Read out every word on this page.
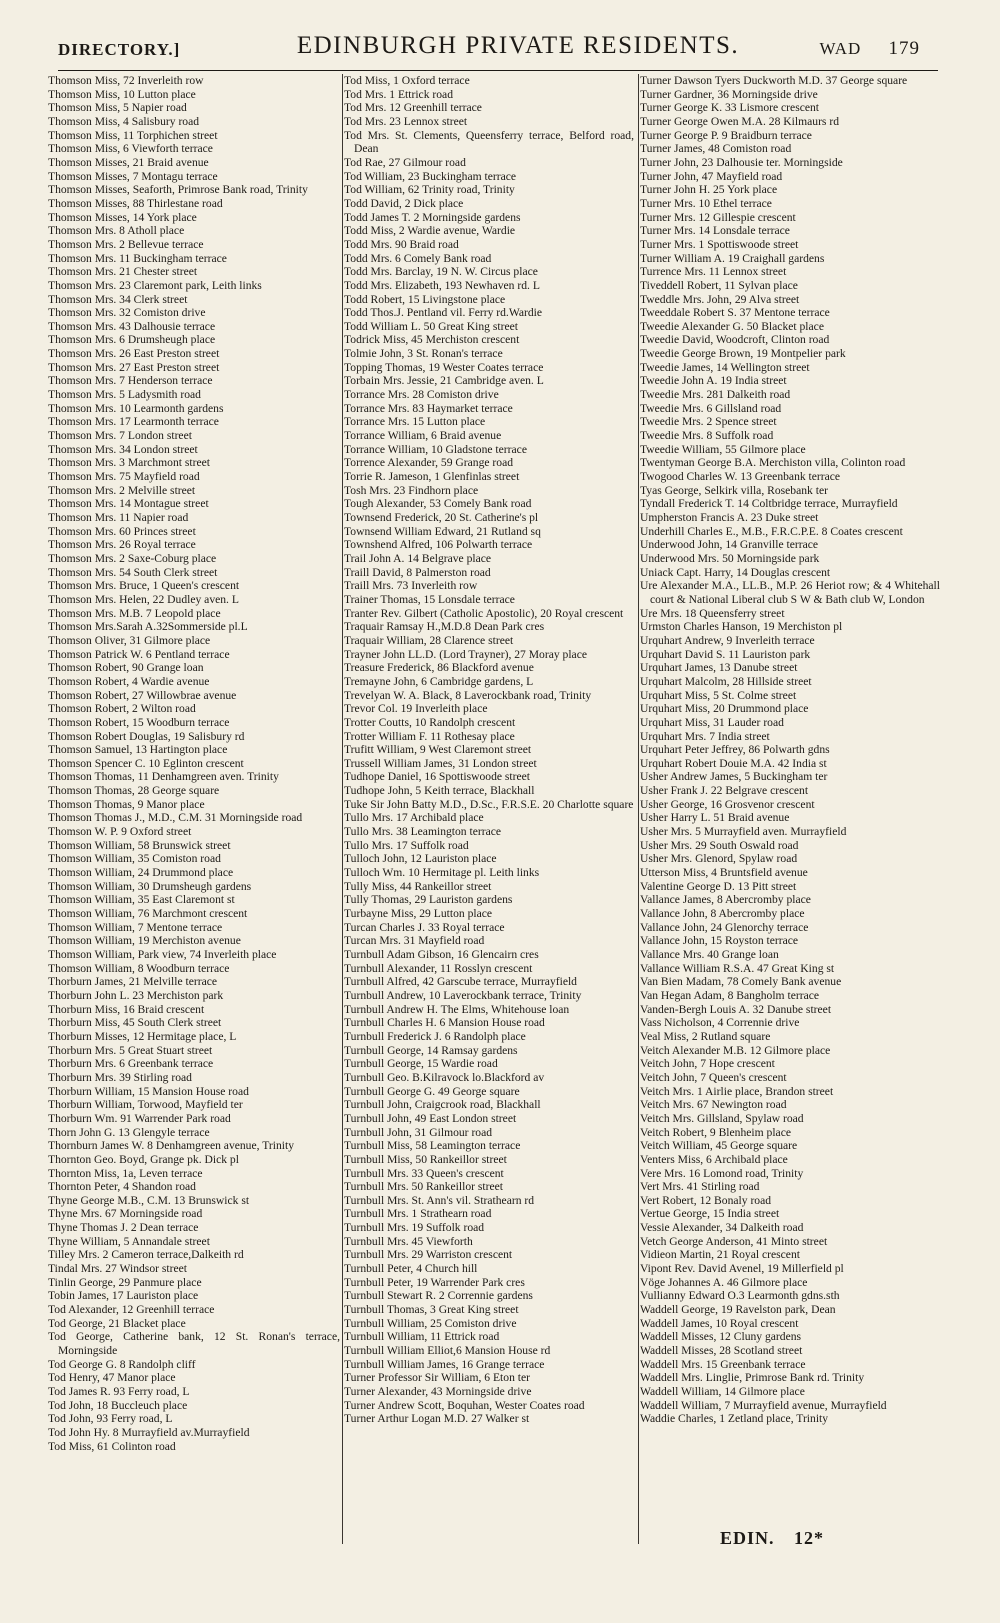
DIRECTORY.]	EDINBURGH PRIVATE RESIDENTS.	WAD 179

Thomson Miss, 72 Inverleith row

Thomson Miss, 10 Lutton place

Thomson Miss, 5 Napier road

Thomson Miss, 4 Salisbury road

Thomson Miss, 11 Torphichen street

Thomson Miss, 6 Viewforth terrace

Thomson Misses, 21 Braid avenue

Thomson Misses, 7 Montagu terrace

Thomson Misses, Seaforth, Primrose Bank road, Trinity

Thomson Misses, 88 Thirlestane road

Thomson Misses, 14 York place

Thomson Mrs. 8 Atholl place

Thomson Mrs. 2 Bellevue terrace

Thomson Mrs. 11 Buckingham terrace

Thomson Mrs. 21 Chester street

Thomson Mrs. 23 Claremont park, Leith links

Thomson Mrs. 34 Clerk street

Thomson Mrs. 32 Comiston drive

Thomson Mrs. 43 Dalhousie terrace

Thomson Mrs. 6 Drumsheugh place

Thomson Mrs. 26 East Preston street

Thomson Mrs. 27 East Preston street

Thomson Mrs. 7 Henderson terrace

Thomson Mrs. 5 Ladysmith road

Thomson Mrs. 10 Learmonth gardens

Thomson Mrs. 17 Learmonth terrace

Thomson Mrs. 7 London street

Thomson Mrs. 34 London street

Thomson Mrs. 3 Marchmont street

Thomson Mrs. 75 Mayfield road

Thomson Mrs. 2 Melville street

Thomson Mrs. 14 Montague street

Thomson Mrs. 11 Napier road

Thomson Mrs. 60 Princes street

Thomson Mrs. 26 Royal terrace

Thomson Mrs. 2 Saxe-Coburg place

Thomson Mrs. 54 South Clerk street

Thomson Mrs. Bruce, 1 Queen's crescent

Thomson Mrs. Helen, 22 Dudley aven. L

Thomson Mrs. M.B. 7 Leopold place

Thomson Mrs.Sarah A.32Sommerside pl.L

Thomson Oliver, 31 Gilmore place

Thomson Patrick W. 6 Pentland terrace

Thomson Robert, 90 Grange loan

Thomson Robert, 4 Wardie avenue

Thomson Robert, 27 Willowbrae avenue

Thomson Robert, 2 Wilton road

Thomson Robert, 15 Woodburn terrace

Thomson Robert Douglas, 19 Salisbury rd

Thomson Samuel, 13 Hartington place

Thomson Spencer C. 10 Eglinton crescent

Thomson Thomas, 11 Denhamgreen aven. Trinity

Thomson Thomas, 28 George square

Thomson Thomas, 9 Manor place

Thomson Thomas J., M.D., C.M. 31 Morningside road

Thomson W. P. 9 Oxford street

Thomson William, 58 Brunswick street

Thomson William, 35 Comiston road

Thomson William, 24 Drummond place

Thomson William, 30 Drumsheugh gardens

Thomson William, 35 East Claremont st

Thomson William, 76 Marchmont crescent

Thomson William, 7 Mentone terrace

Thomson William, 19 Merchiston avenue

Thomson William, Park view, 74 Inverleith place

Thomson William, 8 Woodburn terrace

Thorburn James, 21 Melville terrace

Thorburn John L. 23 Merchiston park

Thorburn Miss, 16 Braid crescent

Thorburn Miss, 45 South Clerk street

Thorburn Misses, 12 Hermitage place, L

Thorburn Mrs. 5 Great Stuart street

Thorburn Mrs. 6 Greenbank terrace

Thorburn Mrs. 39 Stirling road

Thorburn William, 15 Mansion House road

Thorburn William, Torwood, Mayfield ter

Thorburn Wm. 91 Warrender Park road

Thorn John G. 13 Glengyle terrace

Thornburn James W. 8 Denhamgreen avenue, Trinity

Thornton Geo. Boyd, Grange pk. Dick pl

Thornton Miss, 1a, Leven terrace

Thornton Peter, 4 Shandon road

Thyne George M.B., C.M. 13 Brunswick st

Thyne Mrs. 67 Morningside road

Thyne Thomas J. 2 Dean terrace

Thyne William, 5 Annandale street

Tilley Mrs. 2 Cameron terrace,Dalkeith rd

Tindal Mrs. 27 Windsor street

Tinlin George, 29 Panmure place

Tobin James, 17 Lauriston place

Tod Alexander, 12 Greenhill terrace

Tod George, 21 Blacket place

Tod George, Catherine bank, 12 St. Ronan's terrace, Morningside

Tod George G. 8 Randolph cliff

Tod Henry, 47 Manor place

Tod James R. 93 Ferry road, L

Tod John, 18 Buccleuch place

Tod John, 93 Ferry road, L

Tod John Hy. 8 Murrayfield av.Murrayfield

Tod Miss, 61 Colinton road

Tod Miss, 1 Oxford terrace

Tod Mrs. 1 Ettrick road

Tod Mrs. 12 Greenhill terrace

Tod Mrs. 23 Lennox street

Tod Mrs. St. Clements, Queensferry terrace, Belford road, Dean

Tod Rae, 27 Gilmour road

Tod William, 23 Buckingham terrace

Tod William, 62 Trinity road, Trinity

Todd David, 2 Dick place

Todd James T. 2 Morningside gardens

Todd Miss, 2 Wardie avenue, Wardie

Todd Mrs. 90 Braid road

Todd Mrs. 6 Comely Bank road

Todd Mrs. Barclay, 19 N. W. Circus place

Todd Mrs. Elizabeth, 193 Newhaven rd. L

Todd Robert, 15 Livingstone place

Todd Thos.J. Pentland vil. Ferry rd.Wardie

Todd William L. 50 Great King street

Todrick Miss, 45 Merchiston crescent

Tolmie John, 3 St. Ronan's terrace

Topping Thomas, 19 Wester Coates terrace

Torbain Mrs. Jessie, 21 Cambridge aven. L

Torrance Mrs. 28 Comiston drive

Torrance Mrs. 83 Haymarket terrace

Torrance Mrs. 15 Lutton place

Torrance William, 6 Braid avenue

Torrance William, 10 Gladstone terrace

Torrence Alexander, 59 Grange road

Torrie R. Jameson, 1 Glenfinlas street

Tosh Mrs. 23 Findhorn place

Tough Alexander, 53 Comely Bank road

Townsend Frederick, 20 St. Catherine's pl

Townsend William Edward, 21 Rutland sq

Townshend Alfred, 106 Polwarth terrace

Trail John A. 14 Belgrave place

Traill David, 8 Palmerston road

Traill Mrs. 73 Inverleith row

Trainer Thomas, 15 Lonsdale terrace

Tranter Rev. Gilbert (Catholic Apostolic), 20 Royal crescent

Traquair Ramsay H.,M.D.8 Dean Park cres

Traquair William, 28 Clarence street

Trayner John LL.D. (Lord Trayner), 27 Moray place

Treasure Frederick, 86 Blackford avenue

Tremayne John, 6 Cambridge gardens, L

Trevelyan W. A. Black, 8 Laverockbank road, Trinity

Trevor Col. 19 Inverleith place

Trotter Coutts, 10 Randolph crescent

Trotter William F. 11 Rothesay place

Trufitt William, 9 West Claremont street

Trussell William James, 31 London street

Tudhope Daniel, 16 Spottiswoode street

Tudhope John, 5 Keith terrace, Blackhall

Tuke Sir John Batty M.D., D.Sc., F.R.S.E. 20 Charlotte square

Tullo Mrs. 17 Archibald place

Tullo Mrs. 38 Leamington terrace

Tullo Mrs. 17 Suffolk road

Tulloch John, 12 Lauriston place

Tulloch Wm. 10 Hermitage pl. Leith links

Tully Miss, 44 Rankeillor street

Tully Thomas, 29 Lauriston gardens

Turbayne Miss, 29 Lutton place

Turcan Charles J. 33 Royal terrace

Turcan Mrs. 31 Mayfield road

Turnbull Adam Gibson, 16 Glencairn cres

Turnbull Alexander, 11 Rosslyn crescent

Turnbull Alfred, 42 Garscube terrace, Murrayfield

Turnbull Andrew, 10 Laverockbank terrace, Trinity

Turnbull Andrew H. The Elms, Whitehouse loan

Turnbull Charles H. 6 Mansion House road

Turnbull Frederick J. 6 Randolph place

Turnbull George, 14 Ramsay gardens

Turnbull George, 15 Wardie road

Turnbull Geo. B.Kilravock lo.Blackford av

Turnbull George G. 49 George square

Turnbull John, Craigcrook road, Blackhall

Turnbull John, 49 East London street

Turnbull John, 31 Gilmour road

Turnbull Miss, 58 Leamington terrace

Turnbull Miss, 50 Rankeillor street

Turnbull Mrs. 33 Queen's crescent

Turnbull Mrs. 50 Rankeillor street

Turnbull Mrs. St. Ann's vil. Strathearn rd

Turnbull Mrs. 1 Strathearn road

Turnbull Mrs. 19 Suffolk road

Turnbull Mrs. 45 Viewforth

Turnbull Mrs. 29 Warriston crescent

Turnbull Peter, 4 Church hill

Turnbull Peter, 19 Warrender Park cres

Turnbull Stewart R. 2 Corrennie gardens

Turnbull Thomas, 3 Great King street

Turnbull William, 25 Comiston drive

Turnbull William, 11 Ettrick road

Turnbull William Elliot,6 Mansion House rd

Turnbull William James, 16 Grange terrace

Turner Professor Sir William, 6 Eton ter

Turner Alexander, 43 Morningside drive

Turner Andrew Scott, Boquhan, Wester Coates road

Turner Arthur Logan M.D. 27 Walker st

Turner Dawson Tyers Duckworth M.D. 37 George square

Turner Gardner, 36 Morningside drive

Turner George K. 33 Lismore crescent

Turner George Owen M.A. 28 Kilmaurs rd

Turner George P. 9 Braidburn terrace

Turner James, 48 Comiston road

Turner John, 23 Dalhousie ter. Morningside

Turner John, 47 Mayfield road

Turner John H. 25 York place

Turner Mrs. 10 Ethel terrace

Turner Mrs. 12 Gillespie crescent

Turner Mrs. 14 Lonsdale terrace

Turner Mrs. 1 Spottiswoode street

Turner William A. 19 Craighall gardens

Turrence Mrs. 11 Lennox street

Tiveddell Robert, 11 Sylvan place

Tweddle Mrs. John, 29 Alva street

Tweeddale Robert S. 37 Mentone terrace

Tweedie Alexander G. 50 Blacket place

Tweedie David, Woodcroft, Clinton road

Tweedie George Brown, 19 Montpelier park

Tweedie James, 14 Wellington street

Tweedie John A. 19 India street

Tweedie Mrs. 281 Dalkeith road

Tweedie Mrs. 6 Gillsland road

Tweedie Mrs. 2 Spence street

Tweedie Mrs. 8 Suffolk road

Tweedie William, 55 Gilmore place

Twentyman George B.A. Merchiston villa, Colinton road

Twogood Charles W. 13 Greenbank terrace

Tyas George, Selkirk villa, Rosebank ter

Tyndall Frederick T. 14 Coltbridge terrace, Murrayfield

Umpherston Francis A. 23 Duke street

Underhill Charles E., M.B., F.R.C.P.E. 8 Coates crescent

Underwood John, 14 Granville terrace

Underwood Mrs. 50 Morningside park

Uniack Capt. Harry, 14 Douglas crescent

Ure Alexander M.A., LL.B., M.P. 26 Heriot row; & 4 Whitehall court & National Liberal club S W & Bath club W, London

Ure Mrs. 18 Queensferry street

Urmston Charles Hanson, 19 Merchiston pl

Urquhart Andrew, 9 Inverleith terrace

Urquhart David S. 11 Lauriston park

Urquhart James, 13 Danube street

Urquhart Malcolm, 28 Hillside street

Urquhart Miss, 5 St. Colme street

Urquhart Miss, 20 Drummond place

Urquhart Miss, 31 Lauder road

Urquhart Mrs. 7 India street

Urquhart Peter Jeffrey, 86 Polwarth gdns

Urquhart Robert Douie M.A. 42 India st

Usher Andrew James, 5 Buckingham ter

Usher Frank J. 22 Belgrave crescent

Usher George, 16 Grosvenor crescent

Usher Harry L. 51 Braid avenue

Usher Mrs. 5 Murrayfield aven. Murrayfield

Usher Mrs. 29 South Oswald road

Usher Mrs. Glenord, Spylaw road

Utterson Miss, 4 Bruntsfield avenue

Valentine George D. 13 Pitt street

Vallance James, 8 Abercromby place

Vallance John, 8 Abercromby place

Vallance John, 24 Glenorchy terrace

Vallance John, 15 Royston terrace

Vallance Mrs. 40 Grange loan

Vallance William R.S.A. 47 Great King st

Van Bien Madam, 78 Comely Bank avenue

Van Hegan Adam, 8 Bangholm terrace

Vanden-Bergh Louis A. 32 Danube street

Vass Nicholson, 4 Corrennie drive

Veal Miss, 2 Rutland square

Veitch Alexander M.B. 12 Gilmore place

Veitch John, 7 Hope crescent

Veitch John, 7 Queen's crescent

Veitch Mrs. 1 Airlie place, Brandon street

Veitch Mrs. 67 Newington road

Veitch Mrs. Gillsland, Spylaw road

Veitch Robert, 9 Blenheim place

Veitch William, 45 George square

Venters Miss, 6 Archibald place

Vere Mrs. 16 Lomond road, Trinity

Vert Mrs. 41 Stirling road

Vert Robert, 12 Bonaly road

Vertue George, 15 India street

Vessie Alexander, 34 Dalkeith road

Vetch George Anderson, 41 Minto street

Vidieon Martin, 21 Royal crescent

Vipont Rev. David Avenel, 19 Millerfield pl

Vöge Johannes A. 46 Gilmore place

Vullianny Edward O.3 Learmonth gdns.sth

Waddell George, 19 Ravelston park, Dean

Waddell James, 10 Royal crescent

Waddell Misses, 12 Cluny gardens

Waddell Misses, 28 Scotland street

Waddell Mrs. 15 Greenbank terrace

Waddell Mrs. Linglie, Primrose Bank rd. Trinity

Waddell William, 14 Gilmore place

Waddell William, 7 Murrayfield avenue, Murrayfield

Waddie Charles, 1 Zetland place, Trinity

EDIN. 12*
